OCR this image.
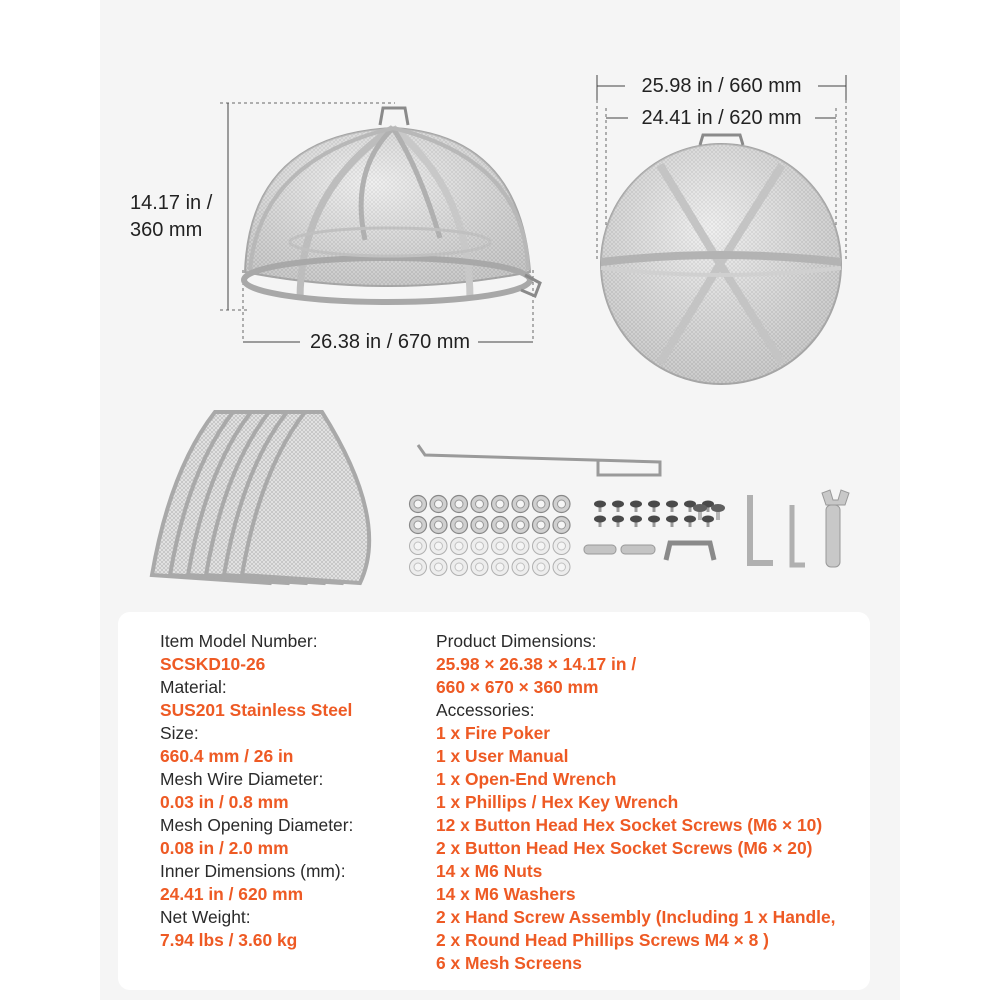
14.17 in /
360 mm
26.38 in / 670 mm
25.98 in / 660 mm
24.41 in / 620 mm
Item Model Number:
SCSKD10-26
Material:
SUS201 Stainless Steel
Size:
660.4 mm / 26 in
Mesh Wire Diameter:
0.03 in / 0.8 mm
Mesh Opening Diameter:
0.08 in / 2.0 mm
Inner Dimensions (mm):
24.41 in / 620 mm
Net Weight:
7.94 lbs / 3.60 kg
Product Dimensions:
25.98 × 26.38 × 14.17 in /
660 × 670 × 360 mm
Accessories:
1 x Fire Poker
1 x User Manual
1 x Open-End Wrench
1 x Phillips / Hex Key Wrench
12 x Button Head Hex Socket Screws (M6 × 10)
2 x Button Head Hex Socket Screws (M6 × 20)
14 x M6 Nuts
14 x M6 Washers
2 x Hand Screw Assembly (Including 1 x Handle,
2 x Round Head Phillips Screws M4 × 8 )
6 x Mesh Screens
